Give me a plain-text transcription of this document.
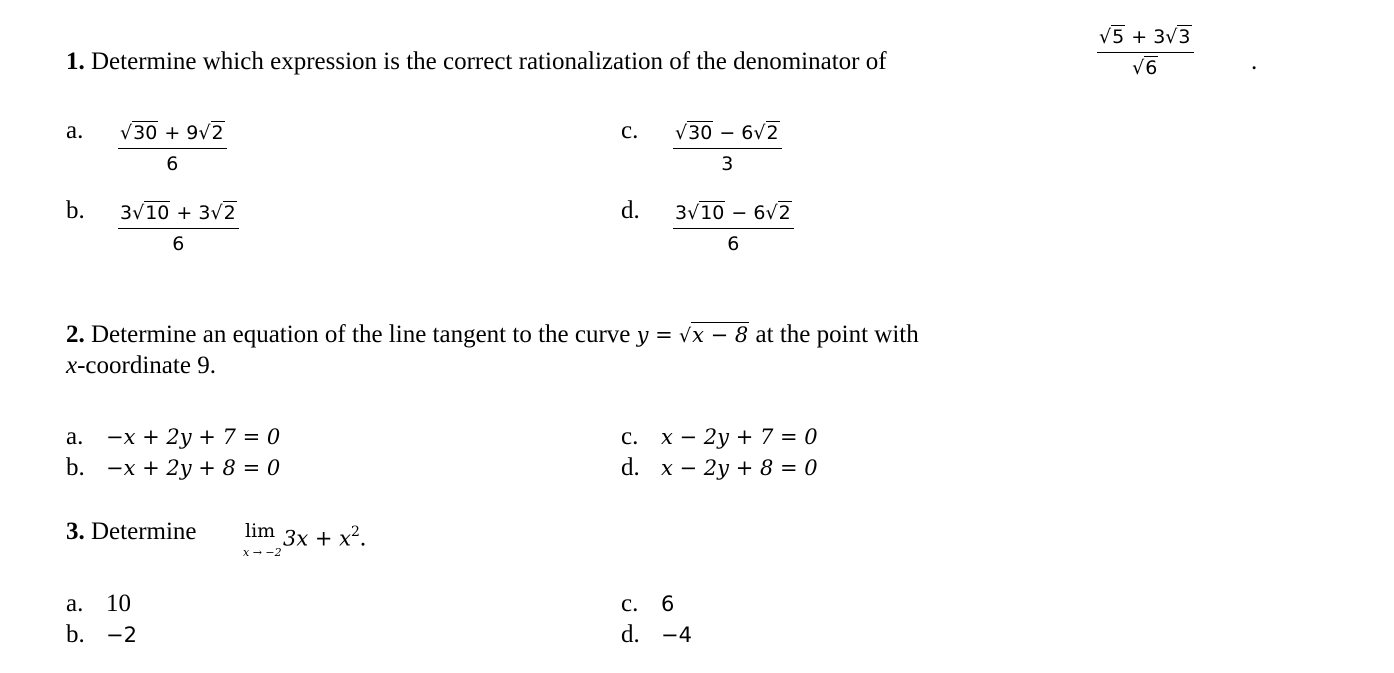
1. Determine which expression is the correct rationalization of the denominator of	$\frac{√5 + 3√3}{√6}$ .
a.	$\frac{√30 + 9√2}{6}$
b.	$\frac{3√10 + 3√2}{6}$
c.	$\frac{√30 - 6√2}{3}$
d.	$\frac{3√10 - 6√2}{6}$
2. Determine an equation of the line tangent to the curve y = √x − 8 at the point with
x-coordinate 9.
a. −x + 2y + 7 = 0
b. −x + 2y + 8 = 0
c. x − 2y + 7 = 0
d. x − 2y + 8 = 0
3. Determine	lim
x → −2
$3x + x^2$.
a. 10
b. −2
c. 6
d. −4
